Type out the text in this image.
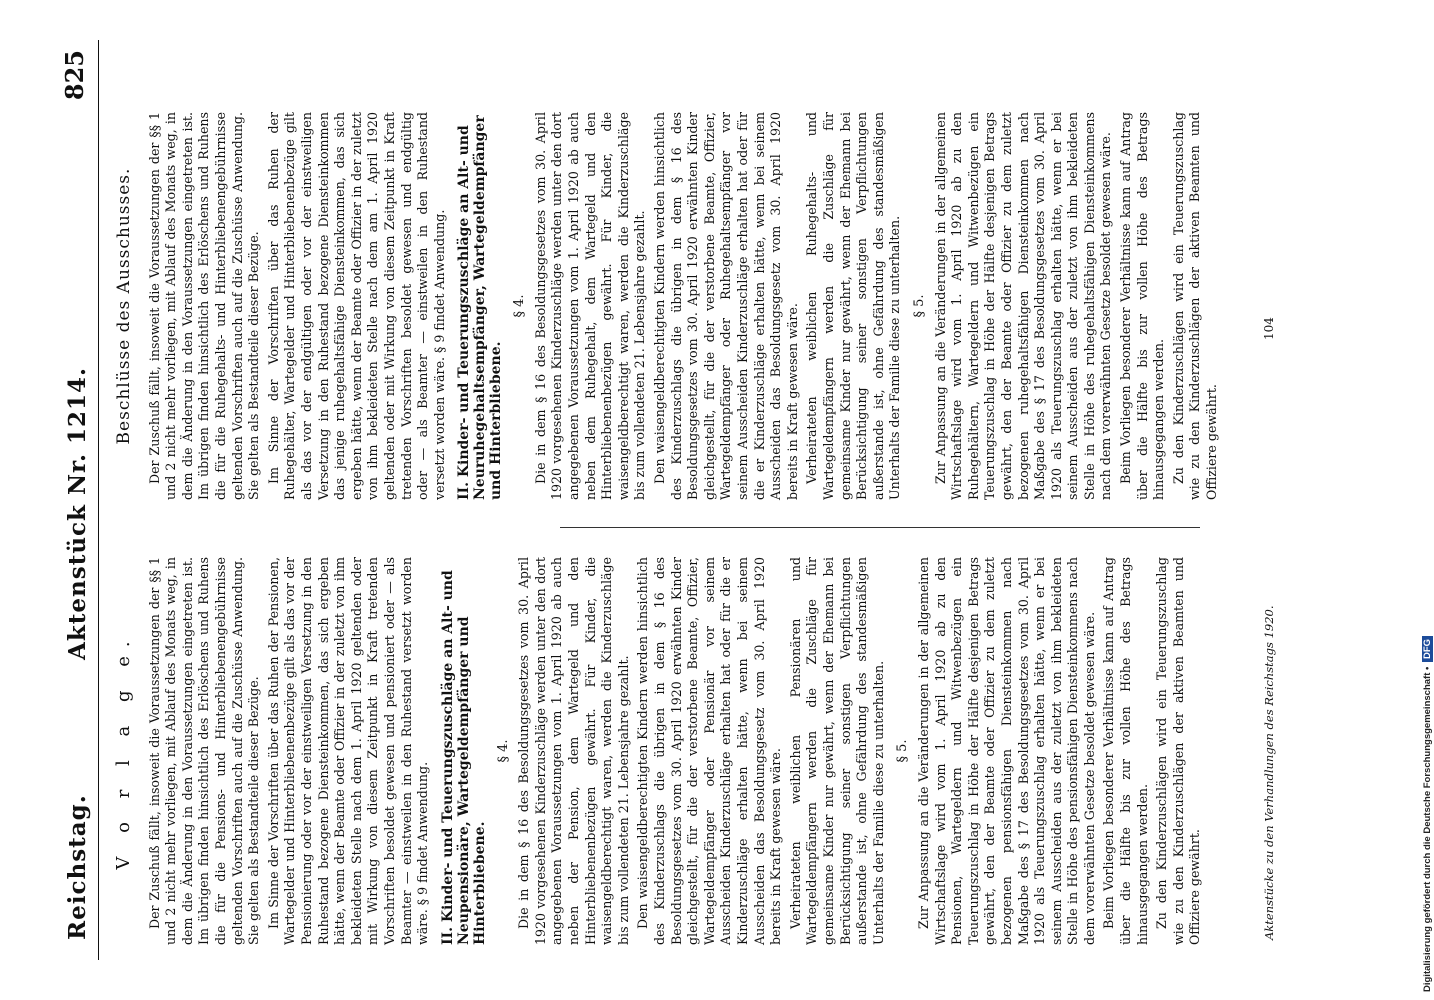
Reichstag.
Aktenstück Nr. 1214.
825
V o r l a g e. Der Zuschuß fällt, insoweit die Voraussetzungen der §§ 1 und 2 nicht mehr vorliegen, mit Ablauf des Monats weg, in dem die Änderung in den Voraussetzungen eingetreten ist. Im übrigen finden hinsichtlich des Erlöschens und Ruhens die für die Pensions- und Hinterbliebenengebührnisse geltenden Vorschriften auch auf die Zuschüsse Anwendung. Sie gelten als Bestandteile dieser Bezüge. Im Sinne der Vorschriften über das Ruhen der Pensionen, Wartegelder und Hinterbliebenenbezüge gilt als das vor der Pensionierung oder vor der einstweiligen Versetzung in den Ruhestand bezogene Diensteinkommen, das sich ergeben hätte, wenn der Beamte oder Offizier in der zuletzt von ihm bekleideten Stelle nach dem 1. April 1920 geltenden oder mit Wirkung von diesem Zeitpunkt in Kraft tretenden Vorschriften besoldet gewesen und pensioniert oder — als Beamter — einstweilen in den Ruhestand versetzt worden wäre. § 9 findet Anwendung. II. Kinder- und Teuerungszuschläge an Alt- und Neupensionäre, Wartegeldempfänger und Hinterbliebene.
§ 4. Die in dem § 16 des Besoldungsgesetzes vom 30. April 1920 vorgesehenen Kinderzuschläge werden unter den dort angegebenen Voraussetzungen vom 1. April 1920 ab auch neben der Pension, dem Wartegeld und den Hinterbliebenenbezügen gewährt. Für Kinder, die waisengeldberechtigt waren, werden die Kinderzuschläge bis zum vollendeten 21. Lebensjahre gezahlt. Den waisengeldberechtigten Kindern werden hinsichtlich des Kinderzuschlags die übrigen in dem § 16 des Besoldungsgesetzes vom 30. April 1920 erwähnten Kinder gleichgestellt, für die der verstorbene Beamte, Offizier, Wartegeldempfänger oder Pensionär vor seinem Ausscheiden Kinderzuschläge erhalten hat oder für die er Kinderzuschläge erhalten hätte, wenn bei seinem Ausscheiden das Besoldungsgesetz vom 30. April 1920 bereits in Kraft gewesen wäre. Verheirateten weiblichen Pensionären und Wartegeldempfängern werden die Zuschläge für gemeinsame Kinder nur gewährt, wenn der Ehemann bei Berücksichtigung seiner sonstigen Verpflichtungen außerstande ist, ohne Gefährdung des standesmäßigen Unterhalts der Familie diese zu unterhalten. § 5. Zur Anpassung an die Veränderungen in der allgemeinen Wirtschaftslage wird vom 1. April 1920 ab zu den Pensionen, Wartegeldern und Witwenbezügen ein Teuerungszuschlag in Höhe der Hälfte desjenigen Betrags gewährt, den der Beamte oder Offizier zu dem zuletzt bezogenen pensionsfähigen Diensteinkommen nach Maßgabe des § 17 des Besoldungsgesetzes vom 30. April 1920 als Teuerungszuschlag erhalten hätte, wenn er bei seinem Ausscheiden aus der zuletzt von ihm bekleideten Stelle in Höhe des pensionsfähigen Diensteinkommens nach dem vorerwähnten Gesetze besoldet gewesen wäre. Beim Vorliegen besonderer Verhältnisse kann auf Antrag über die Hälfte bis zur vollen Höhe des Betrags hinausgegangen werden. Zu den Kinderzuschlägen wird ein Teuerungszuschlag wie zu den Kinderzuschlägen der aktiven Beamten und Offiziere gewährt.

Beschlüsse des Ausschusses. Der Zuschuß fällt, insoweit die Voraussetzungen der §§ 1 und 2 nicht mehr vorliegen, mit Ablauf des Monats weg, in dem die Änderung in den Voraussetzungen eingetreten ist. Im übrigen finden hinsichtlich des Erlöschens und Ruhens die für die Ruhegehalts- und Hinterbliebenengebührnisse geltenden Vorschriften auch auf die Zuschüsse Anwendung. Sie gelten als Bestandteile dieser Bezüge. Im Sinne der Vorschriften über das Ruhen der Ruhegehälter, Wartegelder und Hinterbliebenenbezüge gilt als das vor der endgültigen oder vor der einstweiligen Versetzung in den Ruhestand bezogene Diensteinkommen das jenige ruhegehaltsfähige Diensteinkommen, das sich ergeben hätte, wenn der Beamte oder Offizier in der zuletzt von ihm bekleideten Stelle nach dem am 1. April 1920 geltenden oder mit Wirkung von diesem Zeitpunkt in Kraft tretenden Vorschriften besoldet gewesen und endgültig oder — als Beamter — einstweilen in den Ruhestand versetzt worden wäre. § 9 findet Anwendung. II. Kinder- und Teuerungszuschläge an Alt- und Neuruhegehaltsempfänger, Wartegeldempfänger und Hinterbliebene.
§ 4. Die in dem § 16 des Besoldungsgesetzes vom 30. April 1920 vorgesehenen Kinderzuschläge werden unter den dort angegebenen Voraussetzungen vom 1. April 1920 ab auch neben dem Ruhegehalt, dem Wartegeld und den Hinterbliebenenbezügen gewährt. Für Kinder, die waisengeldberechtigt waren, werden die Kinderzuschläge bis zum vollendeten 21. Lebensjahre gezahlt. Den waisengeldberechtigten Kindern werden hinsichtlich des Kinderzuschlags die übrigen in dem § 16 des Besoldungsgesetzes vom 30. April 1920 erwähnten Kinder gleichgestellt, für die der verstorbene Beamte, Offizier, Wartegeldempfänger oder Ruhegehaltsempfänger vor seinem Ausscheiden Kinderzuschläge erhalten hat oder für die er Kinderzuschläge erhalten hätte, wenn bei seinem Ausscheiden das Besoldungsgesetz vom 30. April 1920 bereits in Kraft gewesen wäre. Verheirateten weiblichen Ruhegehalts- und Wartegeldempfängern werden die Zuschläge für gemeinsame Kinder nur gewährt, wenn der Ehemann bei Berücksichtigung seiner sonstigen Verpflichtungen außerstande ist, ohne Gefährdung des standesmäßigen Unterhalts der Familie diese zu unterhalten. § 5. Zur Anpassung an die Veränderungen in der allgemeinen Wirtschaftslage wird vom 1. April 1920 ab zu den Ruhegehältern, Wartegeldern und Witwenbezügen ein Teuerungszuschlag in Höhe der Hälfte desjenigen Betrags gewährt, den der Beamte oder Offizier zu dem zuletzt bezogenen ruhegehaltsfähigen Diensteinkommen nach Maßgabe des § 17 des Besoldungsgesetzes vom 30. April 1920 als Teuerungszuschlag erhalten hätte, wenn er bei seinem Ausscheiden aus der zuletzt von ihm bekleideten Stelle in Höhe des ruhegehaltsfähigen Diensteinkommens nach dem vorerwähnten Gesetze besoldet gewesen wäre. Beim Vorliegen besonderer Verhältnisse kann auf Antrag über die Hälfte bis zur vollen Höhe des Betrags hinausgegangen werden. Zu den Kinderzuschlägen wird ein Teuerungszuschlag wie zu den Kinderzuschlägen der aktiven Beamten und Offiziere gewährt.

Aktenstücke zu den Verhandlungen des Reichstags 1920.
104
Digitalisierung gefördert durch die Deutsche Forschungsgemeinschaft • DFG
